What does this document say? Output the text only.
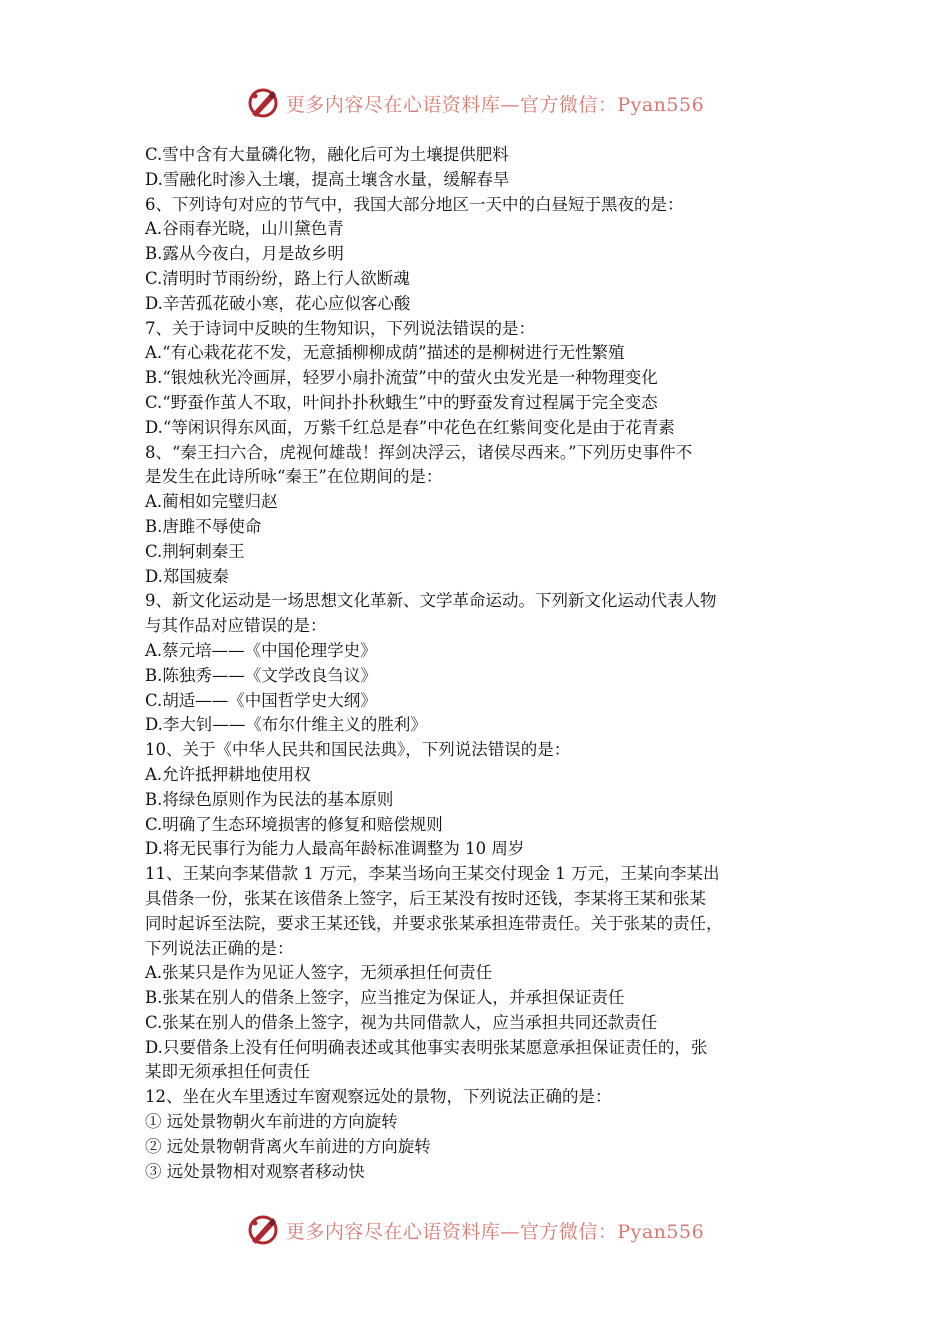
更多内容尽在心语资料库—官方微信：Pyan556
C.雪中含有大量磷化物，融化后可为土壤提供肥料
D.雪融化时渗入土壤，提高土壤含水量，缓解春旱
6、下列诗句对应的节气中，我国大部分地区一天中的白昼短于黑夜的是：
A.谷雨春光晓，山川黛色青
B.露从今夜白，月是故乡明
C.清明时节雨纷纷，路上行人欲断魂
D.辛苦孤花破小寒，花心应似客心酸
7、关于诗词中反映的生物知识，下列说法错误的是：
A.“有心栽花花不发，无意插柳柳成荫”描述的是柳树进行无性繁殖
B.“银烛秋光冷画屏，轻罗小扇扑流萤”中的萤火虫发光是一种物理变化
C.“野蚕作茧人不取，叶间扑扑秋蛾生”中的野蚕发育过程属于完全变态
D.“等闲识得东风面，万紫千红总是春”中花色在红紫间变化是由于花青素
8、“秦王扫六合，虎视何雄哉！挥剑决浮云，诸侯尽西来。”下列历史事件不
是发生在此诗所咏“秦王”在位期间的是：
A.蔺相如完璧归赵
B.唐雎不辱使命
C.荆轲刺秦王
D.郑国疲秦
9、新文化运动是一场思想文化革新、文学革命运动。下列新文化运动代表人物
与其作品对应错误的是：
A.蔡元培——《中国伦理学史》
B.陈独秀——《文学改良刍议》
C.胡适——《中国哲学史大纲》
D.李大钊——《布尔什维主义的胜利》
10、关于《中华人民共和国民法典》，下列说法错误的是：
A.允许抵押耕地使用权
B.将绿色原则作为民法的基本原则
C.明确了生态环境损害的修复和赔偿规则
D.将无民事行为能力人最高年龄标准调整为 10 周岁
11、王某向李某借款 1 万元，李某当场向王某交付现金 1 万元，王某向李某出
具借条一份，张某在该借条上签字，后王某没有按时还钱，李某将王某和张某
同时起诉至法院，要求王某还钱，并要求张某承担连带责任。关于张某的责任，
下列说法正确的是：
A.张某只是作为见证人签字，无须承担任何责任
B.张某在别人的借条上签字，应当推定为保证人，并承担保证责任
C.张某在别人的借条上签字，视为共同借款人，应当承担共同还款责任
D.只要借条上没有任何明确表述或其他事实表明张某愿意承担保证责任的，张
某即无须承担任何责任
12、坐在火车里透过车窗观察远处的景物，下列说法正确的是：
① 远处景物朝火车前进的方向旋转
② 远处景物朝背离火车前进的方向旋转
③ 远处景物相对观察者移动快
更多内容尽在心语资料库—官方微信：Pyan556
